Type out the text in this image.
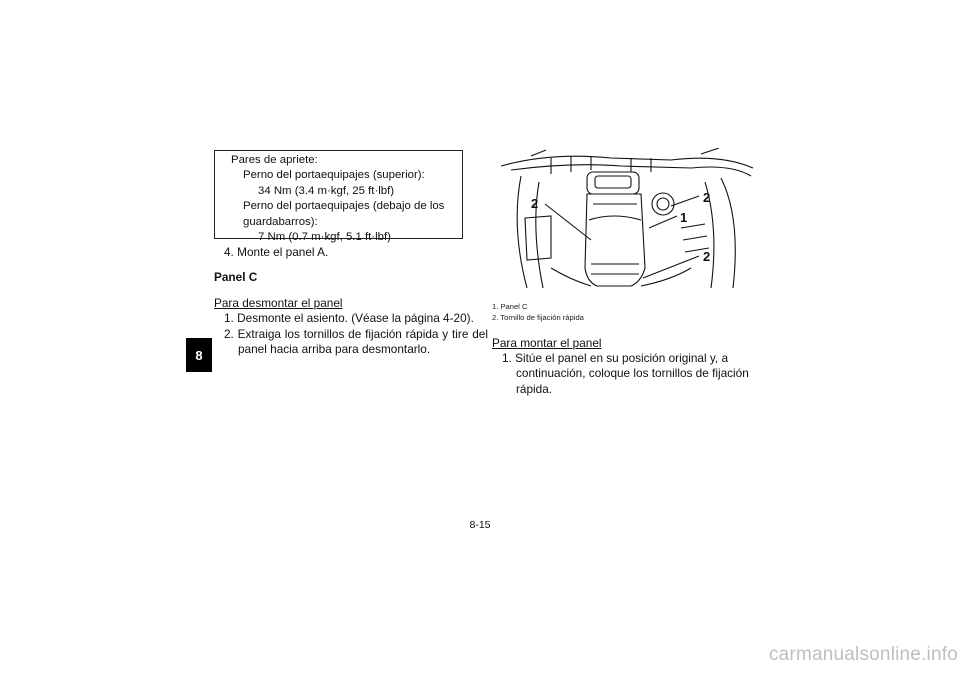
8
Pares de apriete:
Perno del portaequipajes (superior):
34 Nm (3.4 m·kgf, 25 ft·lbf)
Perno del portaequipajes (debajo de los
guardabarros):
7 Nm (0.7 m·kgf, 5.1 ft·lbf)
4. Monte el panel A.
Panel C
Para desmontar el panel
1. Desmonte el asiento. (Véase la página 4-20).
2. Extraiga los tornillos de fijación rápida y tire del panel hacia arriba para desmontarlo.
2	2
1
2
1. Panel C
2. Tornillo de fijación rápida
Para montar el panel
1. Sitúe el panel en su posición original y, a continuación, coloque los tornillos de fijación rápida.
8-15
carmanualsonline.info
